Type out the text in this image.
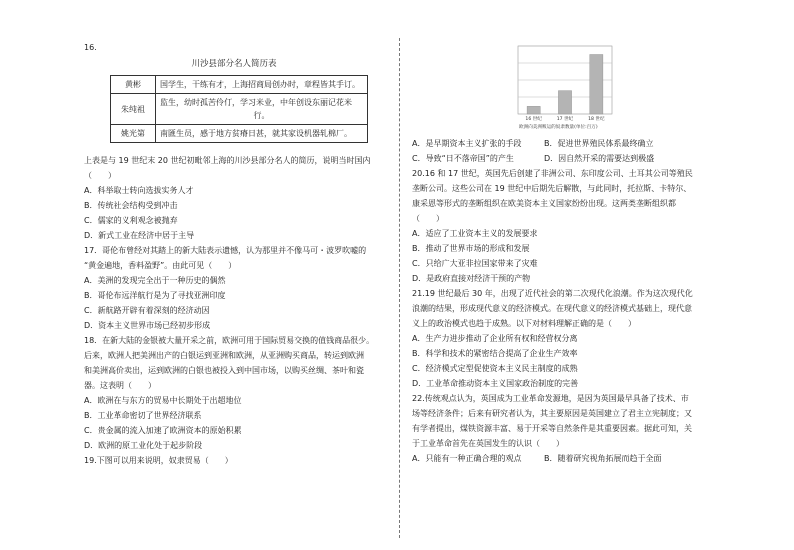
16.
川沙县部分名人简历表
黄彬	国学生，干练有才，上海招商局创办时，章程皆其手订。
朱纯祖	监生，幼时孤苦伶仃，学习米业，中年创设东丽记花米
行。

姚光第	南匯生员，感于地方贫瘠日甚，就其家设机器轧棉厂。
上表是与 19 世纪末 20 世纪初毗邻上海的川沙县部分名人的简历，说明当时国内
（　　）
A．科举取士转向选拔实务人才
B．传统社会结构受到冲击
C．儒家的义利观念被抛弃
D．新式工业在经济中居于主导
17．哥伦布曾经对其踏上的新大陆表示遗憾，认为那里并不像马可・波罗吹嘘的
“黄金遍地，香料盈野”。由此可见（　　）
A．美洲的发现完全出于一种历史的偶然
B．哥伦布远洋航行是为了寻找亚洲印度
C．新航路开辟有着深刻的经济动因
D．资本主义世界市场已经初步形成
18．在新大陆的金银被大量开采之前，欧洲可用于国际贸易交换的值钱商品很少。
后来，欧洲人把美洲出产的白银运到亚洲和欧洲，从亚洲购买商品，转运到欧洲
和美洲高价卖出，运到欧洲的白银也被投入到中国市场，以购买丝绸、茶叶和瓷
器。这表明（　　）
A．欧洲在与东方的贸易中长期处于出超地位
B．工业革命密切了世界经济联系
C．贵金属的流入加速了欧洲资本的原始积累
D．欧洲的原工业化处于起步阶段
19.下图可以用来说明，奴隶贸易（　　）
16 世纪	17 世纪	18 世纪
欧洲向美洲贩运的奴隶数量(单位:百万)
A．是早期资本主义扩张的手段	B．促进世界殖民体系最终确立
C．导致“日不落帝国”的产生	D．因自然开采的需要达到极盛
20.16 和 17 世纪，英国先后创建了非洲公司、东印度公司、土耳其公司等殖民
垄断公司。这些公司在 19 世纪中后期先后解散，与此同时，托拉斯、卡特尔、
康采恩等形式的垄断组织在欧美资本主义国家纷纷出现。这两类垄断组织都
（　　）
A．适应了工业资本主义的发展要求
B．推动了世界市场的形成和发展
C．只给广大亚非拉国家带来了灾难
D．是政府直接对经济干预的产物
21.19 世纪最后 30 年，出现了近代社会的第二次现代化浪潮。作为这次现代化
浪潮的结果，形成现代意义的经济模式。在现代意义的经济模式基础上，现代意
义上的政治模式也趋于成熟。以下对材料理解正确的是（　　）
A．生产力进步推动了企业所有权和经营权分离
B．科学和技术的紧密结合提高了企业生产效率
C．经济模式定型促使资本主义民主制度的成熟
D．工业革命推动资本主义国家政治制度的完善
22.传统观点认为，英国成为工业革命发源地，是因为英国最早具备了技术、市
场等经济条件；后来有研究者认为，其主要原因是英国建立了君主立宪制度；又
有学者提出，煤铁资源丰富、易于开采等自然条件是其重要因素。据此可知，关
于工业革命首先在英国发生的认识（　　）
A．只能有一种正确合理的观点	B．随着研究视角拓展而趋于全面
